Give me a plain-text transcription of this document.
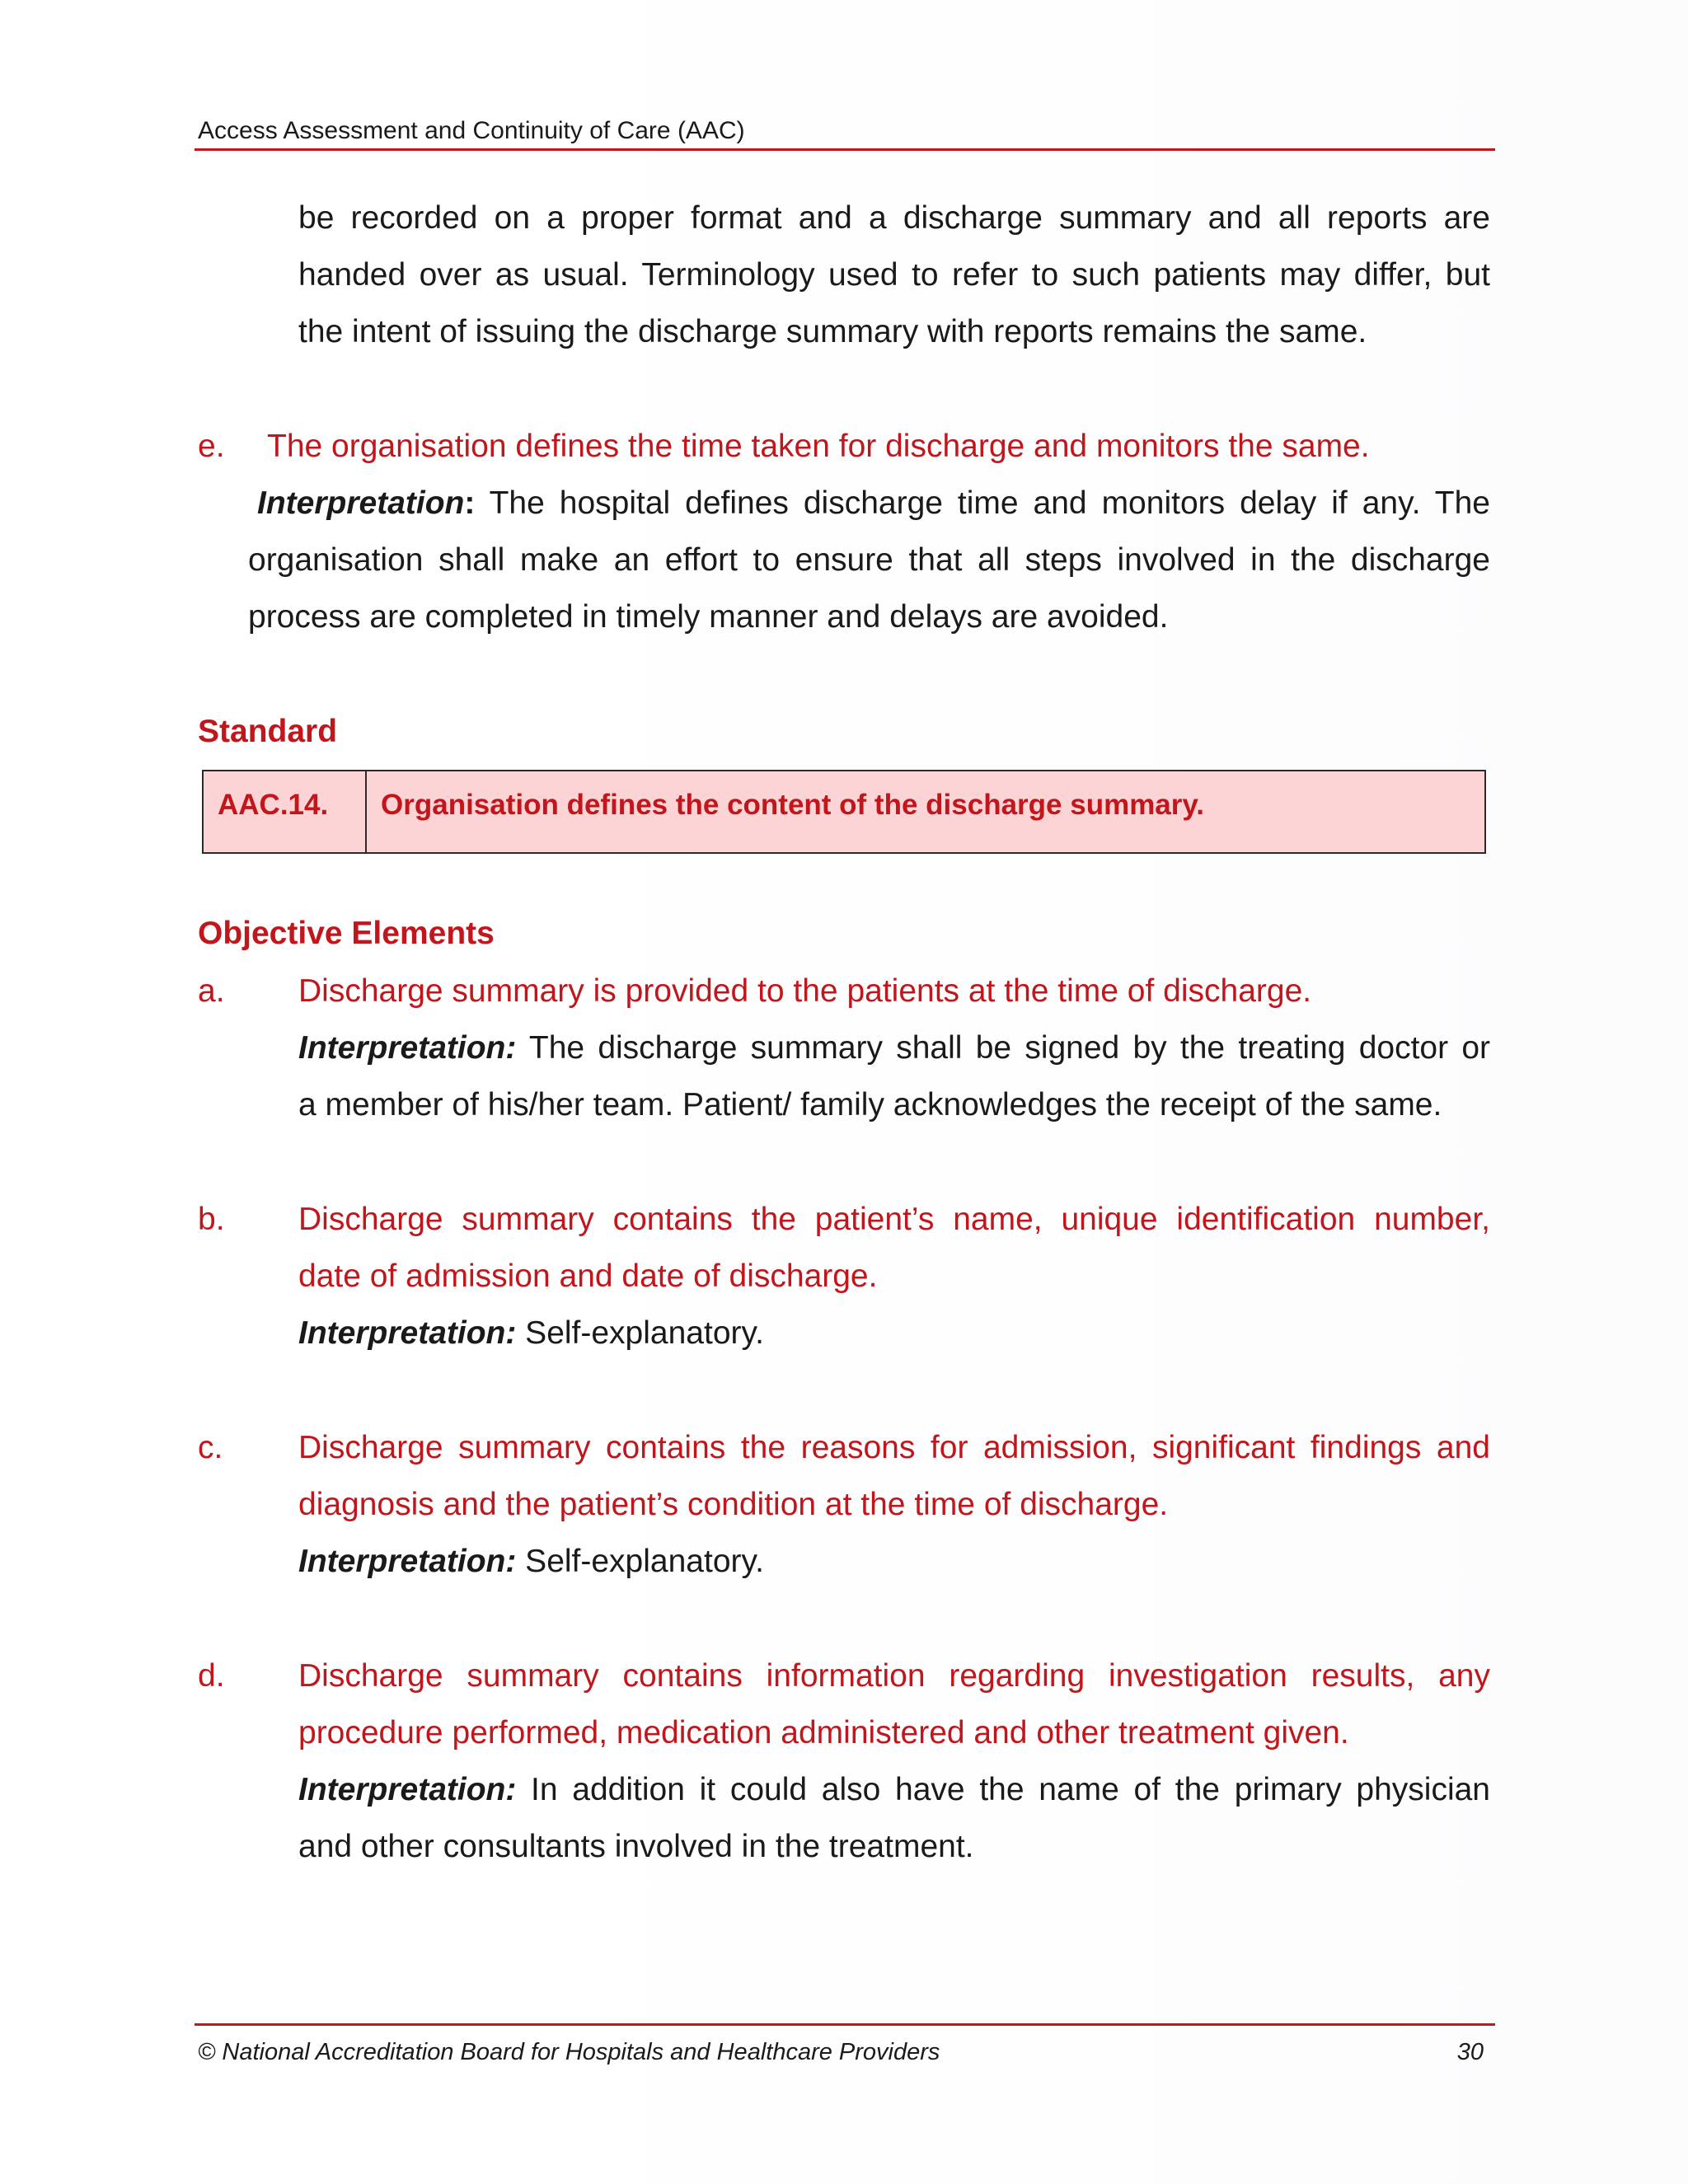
Access Assessment and Continuity of Care (AAC)
be recorded on a proper format and a discharge summary and all reports are
handed over as usual. Terminology used to refer to such patients may differ, but
the intent of issuing the discharge summary with reports remains the same.
e. The organisation defines the time taken for discharge and monitors the same.
Interpretation: The hospital defines discharge time and monitors delay if any. The
organisation shall make an effort to ensure that all steps involved in the discharge
process are completed in timely manner and delays are avoided.
Standard
AAC.14.	Organisation defines the content of the discharge summary.
Objective Elements
a. Discharge summary is provided to the patients at the time of discharge.
Interpretation: The discharge summary shall be signed by the treating doctor or
a member of his/her team. Patient/ family acknowledges the receipt of the same.
b. Discharge summary contains the patient’s name, unique identification number,
date of admission and date of discharge.
Interpretation: Self-explanatory.
c. Discharge summary contains the reasons for admission, significant findings and
diagnosis and the patient’s condition at the time of discharge.
Interpretation: Self-explanatory.
d. Discharge summary contains information regarding investigation results, any
procedure performed, medication administered and other treatment given.
Interpretation: In addition it could also have the name of the primary physician
and other consultants involved in the treatment.
© National Accreditation Board for Hospitals and Healthcare Providers	30
